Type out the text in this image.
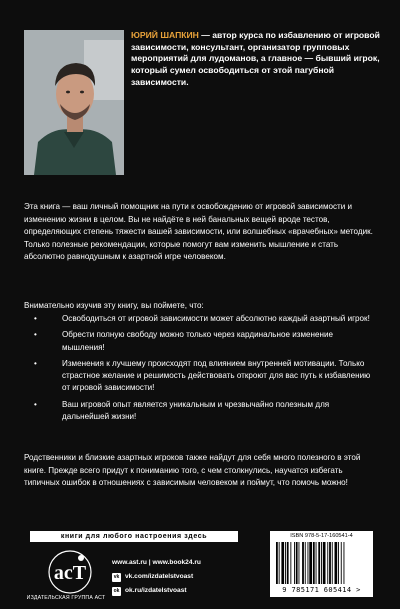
ЮРИЙ ШАПКИН — автор курса по избавлению от игровой зависимости, консультант, организатор групповых мероприятий для лудоманов, а главное — бывший игрок, который сумел освободиться от этой пагубной зависимости.
Эта книга — ваш личный помощник на пути к освобождению от игровой зависимости и изменению жизни в целом. Вы не найдёте в ней банальных вещей вроде тестов, определяющих степень тяжести вашей зависимости, или волшебных «врачебных» методик. Только полезные рекомендации, которые помогут вам изменить мышление и стать абсолютно равнодушным к азартной игре человеком.
Внимательно изучив эту книгу, вы поймете, что:
•	Освободиться от игровой зависимости может абсолютно каждый азартный игрок!
•	Обрести полную свободу можно только через кардинальное изменение мышления!
•	Изменения к лучшему происходят под влиянием внутренней мотивации. Только страстное желание и решимость действовать откроют для вас путь к избавлению от игровой зависимости!
•	Ваш игровой опыт является уникальным и чрезвычайно полезным для дальнейшей жизни!
Родственники и близкие азартных игроков также найдут для себя много полезного в этой книге. Прежде всего придут к пониманию того, с чем столкнулись, научатся избегать типичных ошибок в отношениях с зависимым человеком и поймут, что помочь можно!
книги для любого настроения здесь
acT
ИЗДАТЕЛЬСКАЯ ГРУППА АСТ
www.ast.ru | www.book24.ru
vk vk.com/izdatelstvoast
ok ok.ru/izdatelstvoast
ISBN 978-5-17-160541-4
9 785171 605414 >
